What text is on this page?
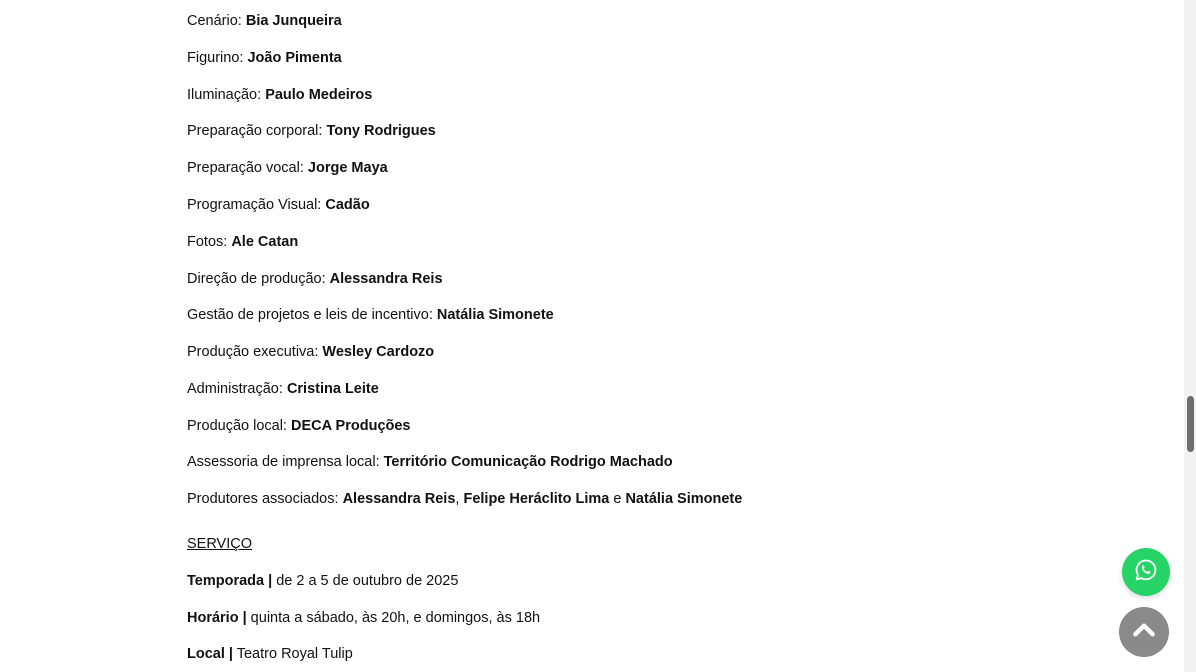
Cenário: Bia Junqueira
Figurino: João Pimenta
Iluminação: Paulo Medeiros
Preparação corporal: Tony Rodrigues
Preparação vocal: Jorge Maya
Programação Visual: Cadão
Fotos: Ale Catan
Direção de produção: Alessandra Reis
Gestão de projetos e leis de incentivo: Natália Simonete
Produção executiva: Wesley Cardozo
Administração: Cristina Leite
Produção local: DECA Produções
Assessoria de imprensa local: Território Comunicação Rodrigo Machado
Produtores associados: Alessandra Reis, Felipe Heráclito Lima e Natália Simonete
SERVIÇO
Temporada | de 2 a 5 de outubro de 2025
Horário | quinta a sábado, às 20h, e domingos, às 18h
Local | Teatro Royal Tulip
